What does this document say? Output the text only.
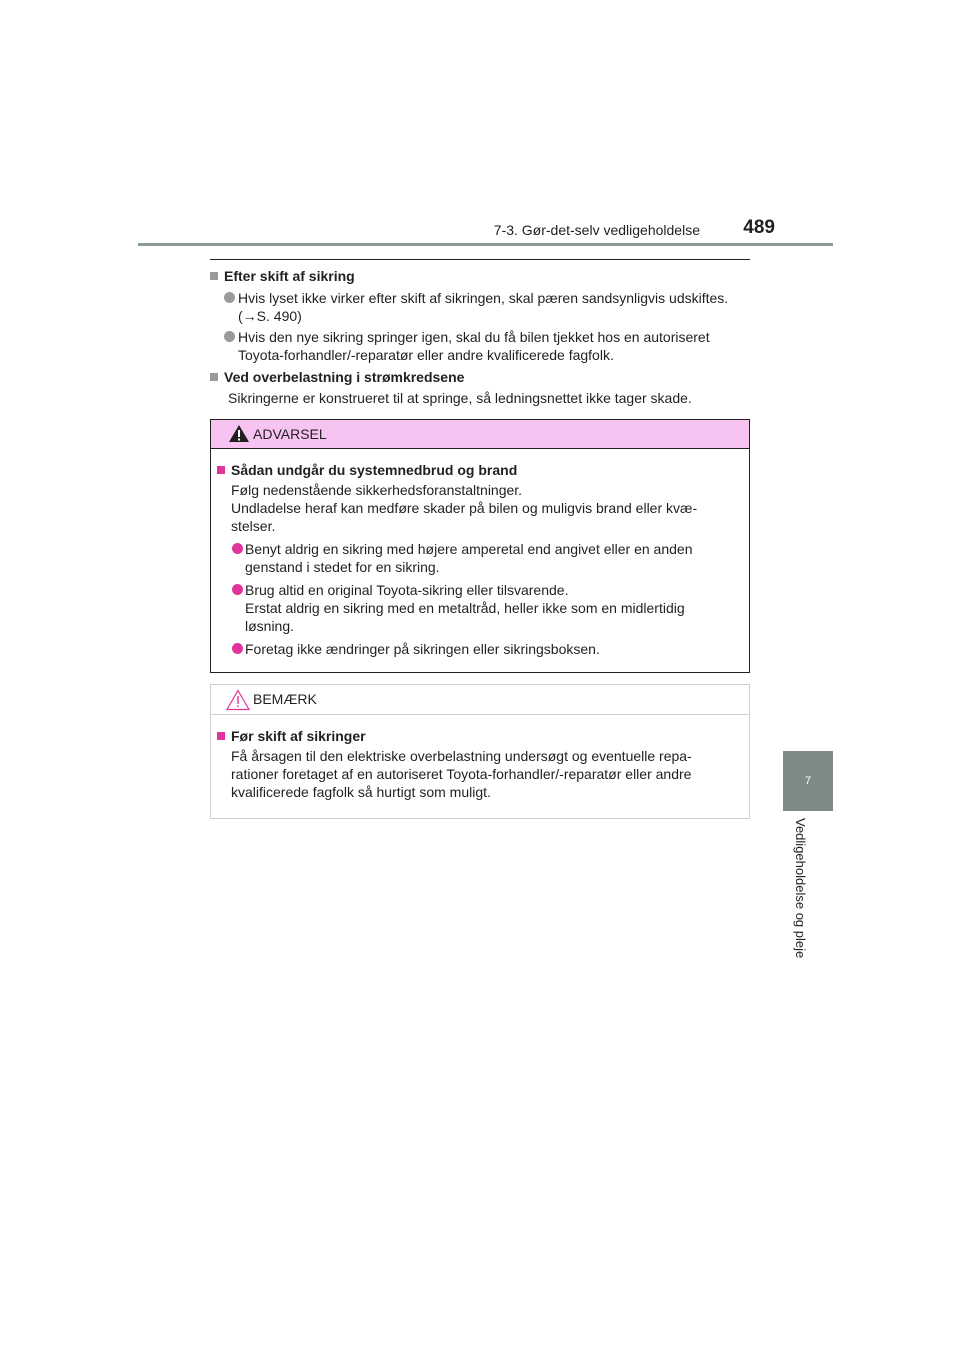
7-3. Gør-det-selv vedligeholdelse	489
7
Vedligeholdelse og pleje
Efter skift af sikring

Hvis lyset ikke virker efter skift af sikringen, skal pæren sandsynligvis udskiftes.

(→S. 490)

Hvis den nye sikring springer igen, skal du få bilen tjekket hos en autoriseret

Toyota-forhandler/-reparatør eller andre kvalificerede fagfolk.

Ved overbelastning i strømkredsene
Sikringerne er konstrueret til at springe, så ledningsnettet ikke tager skade.
ADVARSEL
Sådan undgår du systemnedbrud og brand
Følg nedenstående sikkerhedsforanstaltninger.
Undladelse heraf kan medføre skader på bilen og muligvis brand eller kvæ-
stelser.

Benyt aldrig en sikring med højere amperetal end angivet eller en anden

genstand i stedet for en sikring.

Brug altid en original Toyota-sikring eller tilsvarende.

Erstat aldrig en sikring med en metaltråd, heller ikke som en midlertidig

løsning.

Foretag ikke ændringer på sikringen eller sikringsboksen.

BEMÆRK
Før skift af sikringer
Få årsagen til den elektriske overbelastning undersøgt og eventuelle repa-
rationer foretaget af en autoriseret Toyota-forhandler/-reparatør eller andre
kvalificerede fagfolk så hurtigt som muligt.
